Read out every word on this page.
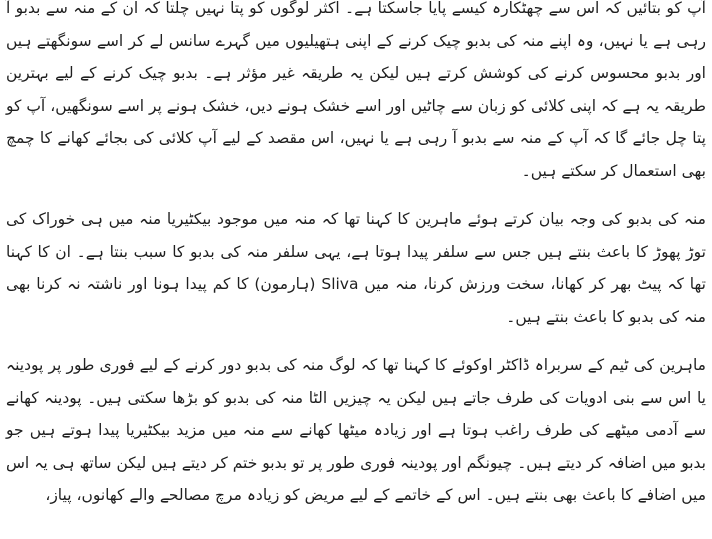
آپ کو بتائیں کہ اس سے چھٹکارہ کیسے پایا جاسکتا ہے۔ اکثر لوگوں کو پتا نہیں چلتا کہ ان کے منہ سے بدبو آ رہی ہے یا نہیں، وہ اپنے منہ کی بدبو چیک کرنے کے اپنی ہتھیلیوں میں گہرے سانس لے کر اسے سونگھتے ہیں اور بدبو محسوس کرنے کی کوشش کرتے ہیں لیکن یہ طریقہ غیر مؤثر ہے۔ بدبو چیک کرنے کے لیے بہترین طریقہ یہ ہے کہ اپنی کلائی کو زبان سے چاٹیں اور اسے خشک ہونے دیں، خشک ہونے پر اسے سونگھیں، آپ کو پتا چل جائے گا کہ آپ کے منہ سے بدبو آ رہی ہے یا نہیں، اس مقصد کے لیے آپ کلائی کی بجائے کھانے کا چمچ بھی استعمال کر سکتے ہیں۔

منہ کی بدبو کی وجہ بیان کرتے ہوئے ماہرین کا کہنا تھا کہ منہ میں موجود بیکٹیریا منہ میں ہی خوراک کی توڑ پھوڑ کا باعث بنتے ہیں جس سے سلفر پیدا ہوتا ہے، یہی سلفر منہ کی بدبو کا سبب بنتا ہے۔ ان کا کہنا تھا کہ پیٹ بھر کر کھانا، سخت ورزش کرنا، منہ میں Sliva (ہارمون) کا کم پیدا ہونا اور ناشتہ نہ کرنا بھی منہ کی بدبو کا باعث بنتے ہیں۔

ماہرین کی ٹیم کے سربراہ ڈاکٹر اوکوئے کا کہنا تھا کہ لوگ منہ کی بدبو دور کرنے کے لیے فوری طور پر پودینہ یا اس سے بنی ادویات کی طرف جاتے ہیں لیکن یہ چیزیں الٹا منہ کی بدبو کو بڑھا سکتی ہیں۔ پودینہ کھانے سے آدمی میٹھے کی طرف راغب ہوتا ہے اور زیادہ میٹھا کھانے سے منہ میں مزید بیکٹیریا پیدا ہوتے ہیں جو بدبو میں اضافہ کر دیتے ہیں۔ چیونگم اور پودینہ فوری طور پر تو بدبو ختم کر دیتے ہیں لیکن ساتھ ہی یہ اس میں اضافے کا باعث بھی بنتے ہیں۔ اس کے خاتمے کے لیے مریض کو زیادہ مرچ مصالحے والے کھانوں، پیاز،
